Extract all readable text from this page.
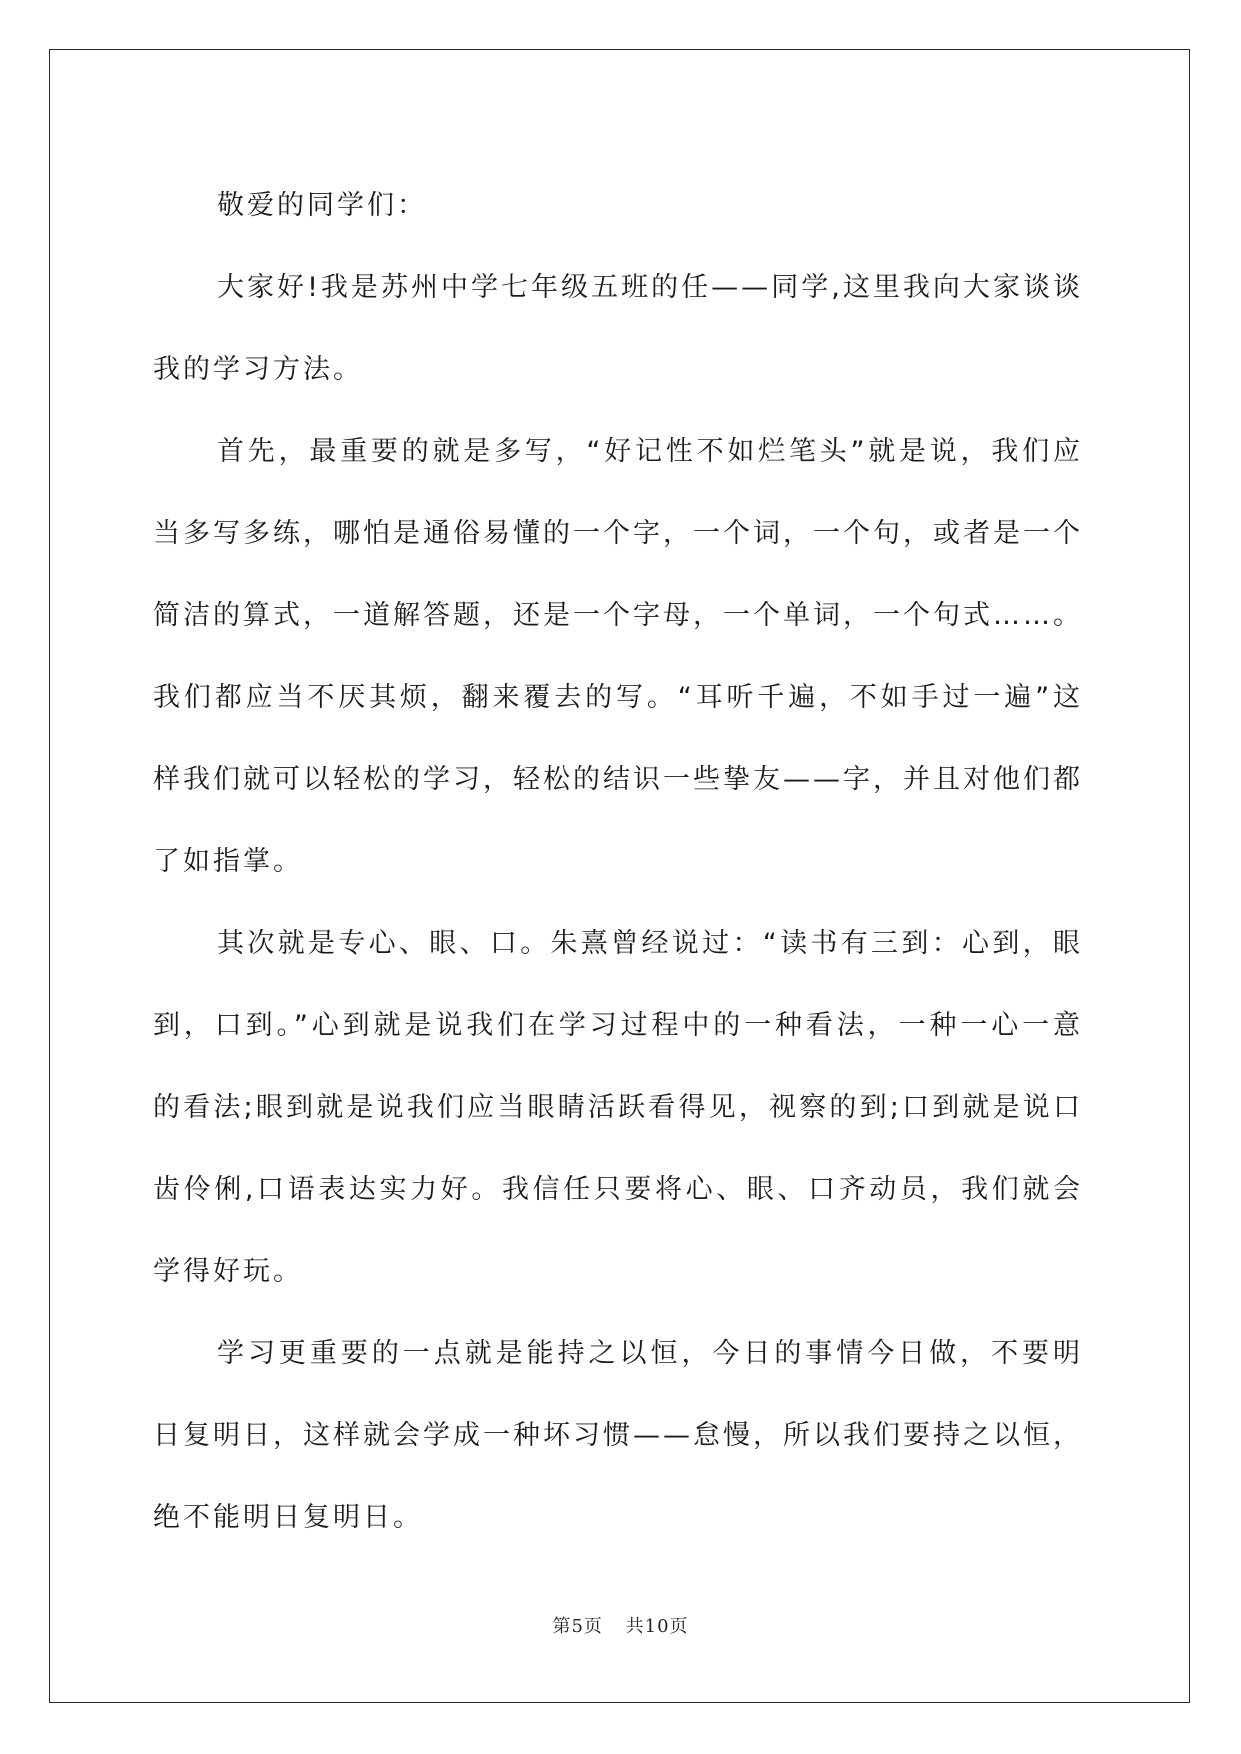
敬爱的同学们：

大家好!我是苏州中学七年级五班的任——同学,这里我向大家谈谈我的学习方法。

首先，最重要的就是多写，“好记性不如烂笔头”就是说，我们应当多写多练，哪怕是通俗易懂的一个字，一个词，一个句，或者是一个简洁的算式，一道解答题，还是一个字母，一个单词，一个句式……。我们都应当不厌其烦，翻来覆去的写。“耳听千遍，不如手过一遍”这样我们就可以轻松的学习，轻松的结识一些挚友——字，并且对他们都了如指掌。

其次就是专心、眼、口。朱熹曾经说过：“读书有三到：心到，眼到，口到。”心到就是说我们在学习过程中的一种看法，一种一心一意的看法;眼到就是说我们应当眼睛活跃看得见，视察的到;口到就是说口齿伶俐,口语表达实力好。我信任只要将心、眼、口齐动员，我们就会学得好玩。

学习更重要的一点就是能持之以恒，今日的事情今日做，不要明日复明日，这样就会学成一种坏习惯——怠慢，所以我们要持之以恒，绝不能明日复明日。

第5页 共10页
